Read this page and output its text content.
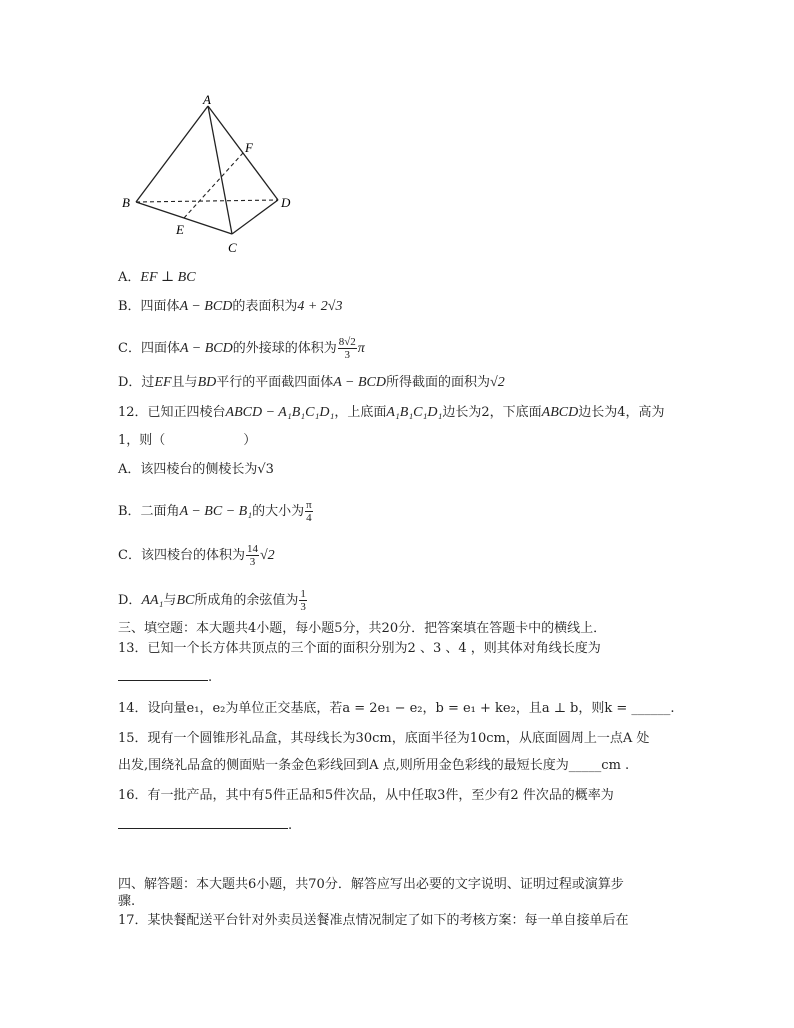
A
B
C
D
E
F
A．EF ⊥ BC
B．四面体A − BCD的表面积为4 + 2√3
C．四面体A − BCD的外接球的体积为 $\frac{8√2}{3}$ π
D．过EF且与BD平行的平面截四面体A − BCD所得截面的面积为√2
12．已知正四棱台ABCD − A₁B₁C₁D₁，上底面A₁B₁C₁D₁边长为2，下底面ABCD边长为4，高为
1，则（　　　　　　）
A．该四棱台的侧棱长为√3
B．二面角A − BC − B₁的大小为 $\frac{\pi}{4}$
C．该四棱台的体积为 $\frac{14}{3} √2$
D．AA₁与BC所成角的余弦值为 $\frac{1}{3}$
三、填空题：本大题共4小题，每小题5分，共20分．把答案填在答题卡中的横线上．
13．已知一个长方体共顶点的三个面的面积分别为2 、3 、4 ，则其体对角线长度为
.
14．设向量e₁，e₂为单位正交基底，若a = 2e₁ − e₂，b = e₁ + ke₂，且a ⊥ b，则k = ______.
15．现有一个圆锥形礼品盒，其母线长为30cm，底面半径为10cm，从底面圆周上一点A 处
出发,围绕礼品盒的侧面贴一条金色彩线回到A 点,则所用金色彩线的最短长度为_____cm .
16．有一批产品，其中有5件正品和5件次品，从中任取3件，至少有2 件次品的概率为
.
四、解答题：本大题共6小题，共70分．解答应写出必要的文字说明、证明过程或演算步
骤.
17．某快餐配送平台针对外卖员送餐准点情况制定了如下的考核方案：每一单自接单后在
